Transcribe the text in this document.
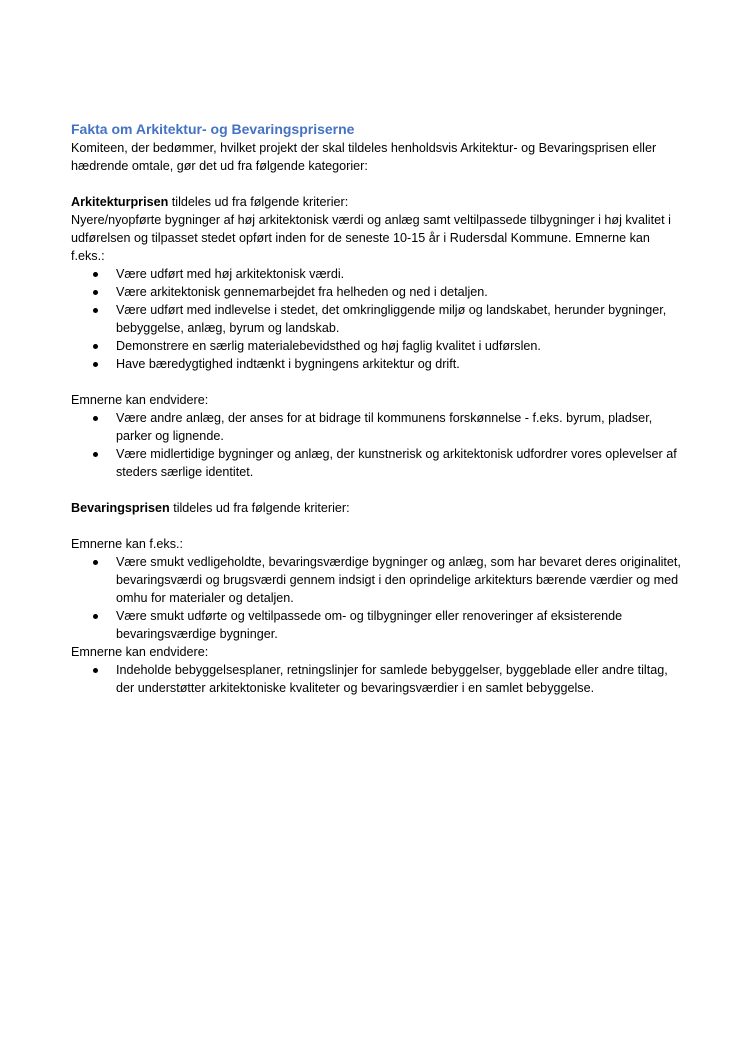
Fakta om Arkitektur- og Bevaringspriserne

Komiteen, der bedømmer, hvilket projekt der skal tildeles henholdsvis Arkitektur- og Bevaringsprisen eller hædrende omtale, gør det ud fra følgende kategorier:

Arkitekturprisen tildeles ud fra følgende kriterier:

Nyere/nyopførte bygninger af høj arkitektonisk værdi og anlæg samt veltilpassede tilbygninger i høj kvalitet i udførelsen og tilpasset stedet opført inden for de seneste 10-15 år i Rudersdal Kommune. Emnerne kan f.eks.:

Være udført med høj arkitektonisk værdi.
Være arkitektonisk gennemarbejdet fra helheden og ned i detaljen.
Være udført med indlevelse i stedet, det omkringliggende miljø og landskabet, herunder bygninger, bebyggelse, anlæg, byrum og landskab.
Demonstrere en særlig materialebevidsthed og høj faglig kvalitet i udførslen.
Have bæredygtighed indtænkt i bygningens arkitektur og drift.

Emnerne kan endvidere:

Være andre anlæg, der anses for at bidrage til kommunens forskønnelse - f.eks. byrum, pladser, parker og lignende.
Være midlertidige bygninger og anlæg, der kunstnerisk og arkitektonisk udfordrer vores oplevelser af steders særlige identitet.

Bevaringsprisen tildeles ud fra følgende kriterier:

Emnerne kan f.eks.:

Være smukt vedligeholdte, bevaringsværdige bygninger og anlæg, som har bevaret deres originalitet, bevaringsværdi og brugsværdi gennem indsigt i den oprindelige arkitekturs bærende værdier og med omhu for materialer og detaljen.
Være smukt udførte og veltilpassede om- og tilbygninger eller renoveringer af eksisterende bevaringsværdige bygninger.

Emnerne kan endvidere:

Indeholde bebyggelsesplaner, retningslinjer for samlede bebyggelser, byggeblade eller andre tiltag, der understøtter arkitektoniske kvaliteter og bevaringsværdier i en samlet bebyggelse.
